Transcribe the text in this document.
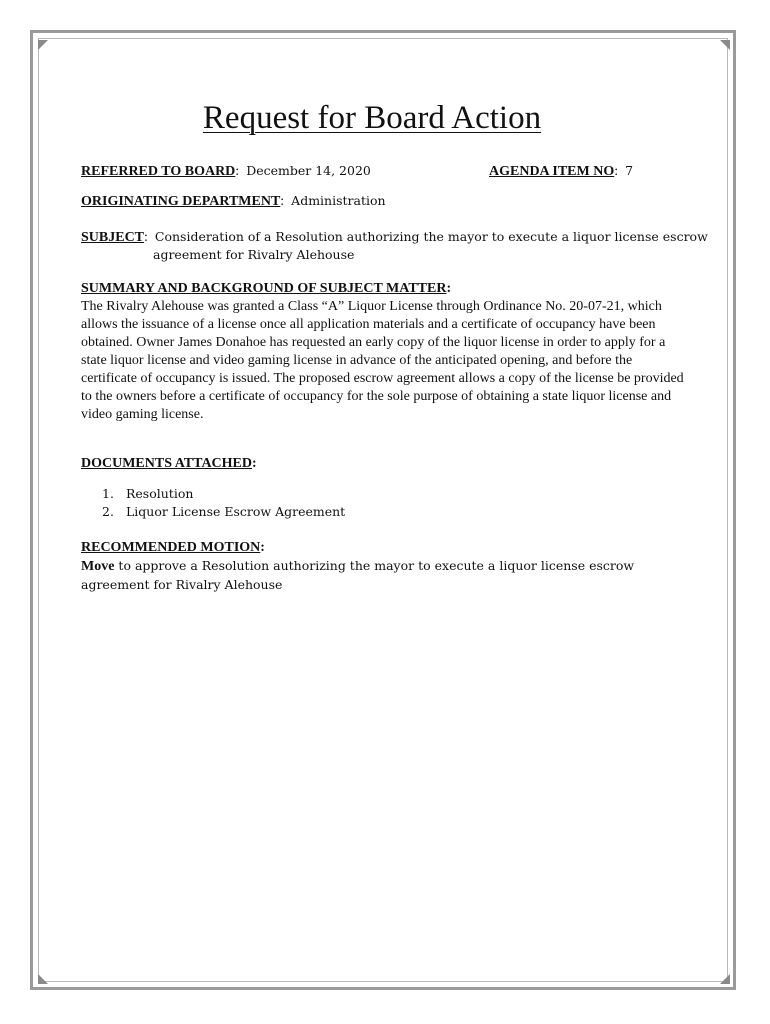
Request for Board Action
REFERRED TO BOARD: December 14, 2020	AGENDA ITEM NO: 7
ORIGINATING DEPARTMENT: Administration
SUBJECT: Consideration of a Resolution authorizing the mayor to execute a liquor license escrow
agreement for Rivalry Alehouse
SUMMARY AND BACKGROUND OF SUBJECT MATTER:
The Rivalry Alehouse was granted a Class “A” Liquor License through Ordinance No. 20-07-21, which allows the issuance of a license once all application materials and a certificate of occupancy have been obtained. Owner James Donahoe has requested an early copy of the liquor license in order to apply for a state liquor license and video gaming license in advance of the anticipated opening, and before the certificate of occupancy is issued. The proposed escrow agreement allows a copy of the license be provided to the owners before a certificate of occupancy for the sole purpose of obtaining a state liquor license and video gaming license.
DOCUMENTS ATTACHED:
1. Resolution
2. Liquor License Escrow Agreement
RECOMMENDED MOTION:
Move to approve a Resolution authorizing the mayor to execute a liquor license escrow agreement for Rivalry Alehouse
